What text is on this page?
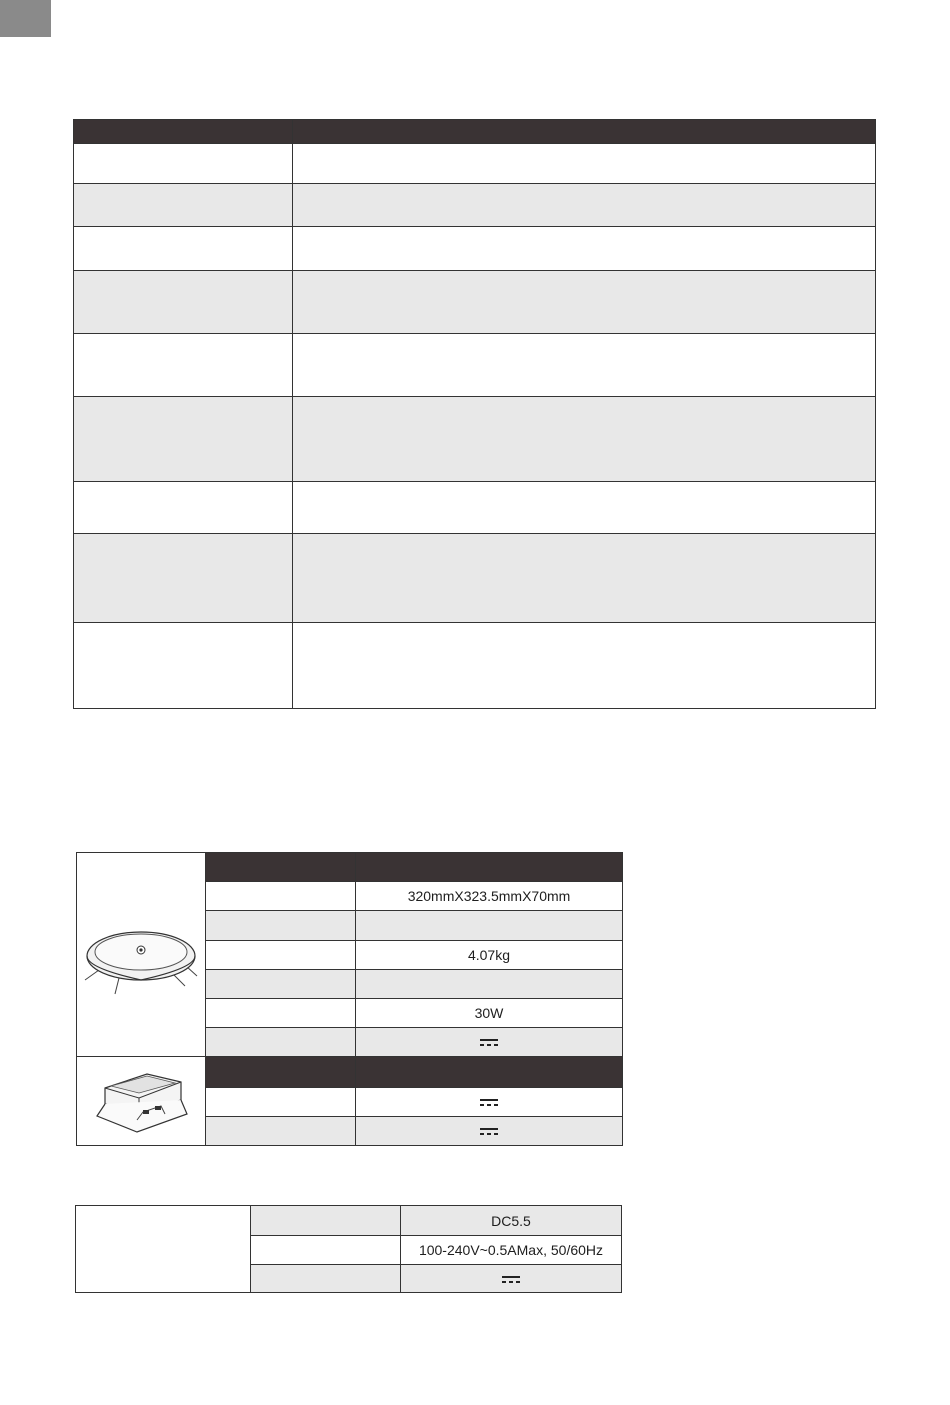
		320mmX323.5mmX70mm

		4.07kg

		30W

		DC5.5
		100-240V~0.5AMax, 50/60Hz
